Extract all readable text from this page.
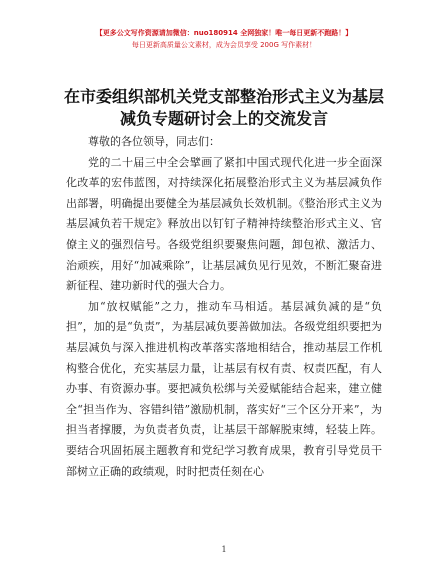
【更多公文写作资源请加微信：nuo180914 全网独家！唯一每日更新不跑路！】
每日更新高质量公文素材，成为会员享受 200G 写作素材！
在市委组织部机关党支部整治形式主义为基层
减负专题研讨会上的交流发言

尊敬的各位领导，同志们：

党的二十届三中全会擘画了紧扣中国式现代化进一步全面深化改革的宏伟蓝图，对持续深化拓展整治形式主义为基层减负作出部署，明确提出要健全为基层减负长效机制。《整治形式主义为基层减负若干规定》释放出以钉钉子精神持续整治形式主义、官僚主义的强烈信号。各级党组织要聚焦问题，卸包袱、激活力、治顽疾，用好“加减乘除”，让基层减负见行见效，不断汇聚奋进新征程、建功新时代的强大合力。

加“放权赋能”之力，推动车马相适。基层减负减的是“负担”，加的是“负责”，为基层减负要善做加法。各级党组织要把为基层减负与深入推进机构改革落实落地相结合，推动基层工作机构整合优化，充实基层力量，让基层有权有责、权责匹配，有人办事、有资源办事。要把减负松绑与关爱赋能结合起来，建立健全“担当作为、容错纠错”激励机制，落实好“三个区分开来”，为担当者撑腰，为负责者负责，让基层干部解脱束缚，轻装上阵。要结合巩固拓展主题教育和党纪学习教育成果，教育引导党员干部树立正确的政绩观，时时把责任刻在心

1
